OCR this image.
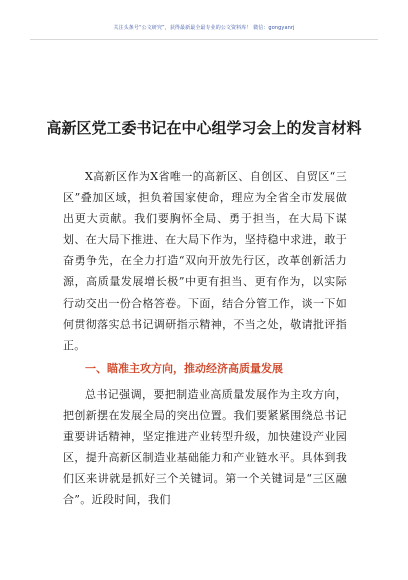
关注头条号“公文研究”，获得最新最全最专业的公文资料库！ 微信：gongyanrj
高新区党工委书记在中心组学习会上的发言材料

X高新区作为X省唯一的高新区、自创区、自贸区“三区”叠加区域，担负着国家使命，理应为全省全市发展做出更大贡献。我们要胸怀全局、勇于担当，在大局下谋划、在大局下推进、在大局下作为，坚持稳中求进，敢于奋勇争先，在全力打造“双向开放先行区，改革创新活力源，高质量发展增长极”中更有担当、更有作为，以实际行动交出一份合格答卷。下面，结合分管工作，谈一下如何贯彻落实总书记调研指示精神，不当之处，敬请批评指正。

一、瞄准主攻方向，推动经济高质量发展

总书记强调，要把制造业高质量发展作为主攻方向，把创新摆在发展全局的突出位置。我们要紧紧围绕总书记重要讲话精神，坚定推进产业转型升级，加快建设产业园区，提升高新区制造业基础能力和产业链水平。具体到我们区来讲就是抓好三个关键词。第一个关键词是“三区融合”。近段时间，我们
